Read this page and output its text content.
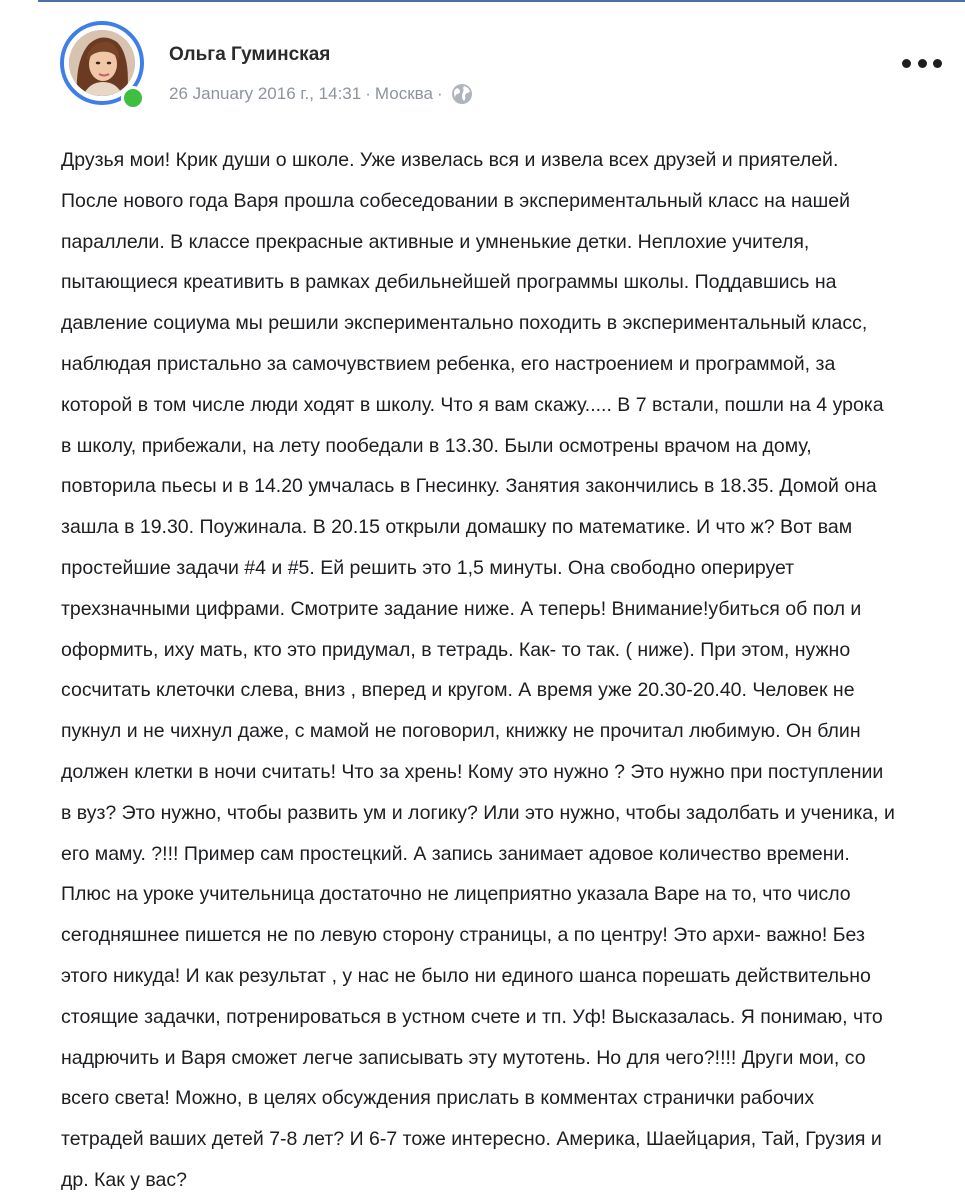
Ольга Гуминская
26 January 2016 г., 14:31 · Москва ·
Друзья мои! Крик души о школе. Уже извелась вся и извела всех друзей и приятелей.
После нового года Варя прошла собеседовании в экспериментальный класс на нашей
параллели. В классе прекрасные активные и умненькие детки. Неплохие учителя,
пытающиеся креативить в рамках дебильнейшей программы школы. Поддавшись на
давление социума мы решили экспериментально походить в экспериментальный класс,
наблюдая пристально за самочувствием ребенка, его настроением и программой, за
которой в том числе люди ходят в школу. Что я вам скажу..... В 7 встали, пошли на 4 урока
в школу, прибежали, на лету пообедали в 13.30. Были осмотрены врачом на дому,
повторила пьесы и в 14.20 умчалась в Гнесинку. Занятия закончились в 18.35. Домой она
зашла в 19.30. Поужинала. В 20.15 открыли домашку по математике. И что ж? Вот вам
простейшие задачи #4 и #5. Ей решить это 1,5 минуты. Она свободно оперирует
трехзначными цифрами. Смотрите задание ниже. А теперь! Внимание!убиться об пол и
оформить, иху мать, кто это придумал, в тетрадь. Как- то так. ( ниже). При этом, нужно
сосчитать клеточки слева, вниз , вперед и кругом. А время уже 20.30-20.40. Человек не
пукнул и не чихнул даже, с мамой не поговорил, книжку не прочитал любимую. Он блин
должен клетки в ночи считать! Что за хрень! Кому это нужно ? Это нужно при поступлении
в вуз? Это нужно, чтобы развить ум и логику? Или это нужно, чтобы задолбать и ученика, и
его маму. ?!!! Пример сам простецкий. А запись занимает адовое количество времени.
Плюс на уроке учительница достаточно не лицеприятно указала Варе на то, что число
сегодняшнее пишется не по левую сторону страницы, а по центру! Это архи- важно! Без
этого никуда! И как результат , у нас не было ни единого шанса порешать действительно
стоящие задачки, потренироваться в устном счете и тп. Уф! Высказалась. Я понимаю, что
надрючить и Варя сможет легче записывать эту мутотень. Но для чего?!!!! Други мои, со
всего света! Можно, в целях обсуждения прислать в комментах странички рабочих
тетрадей ваших детей 7-8 лет? И 6-7 тоже интересно. Америка, Шаейцария, Тай, Грузия и
др. Как у вас?
